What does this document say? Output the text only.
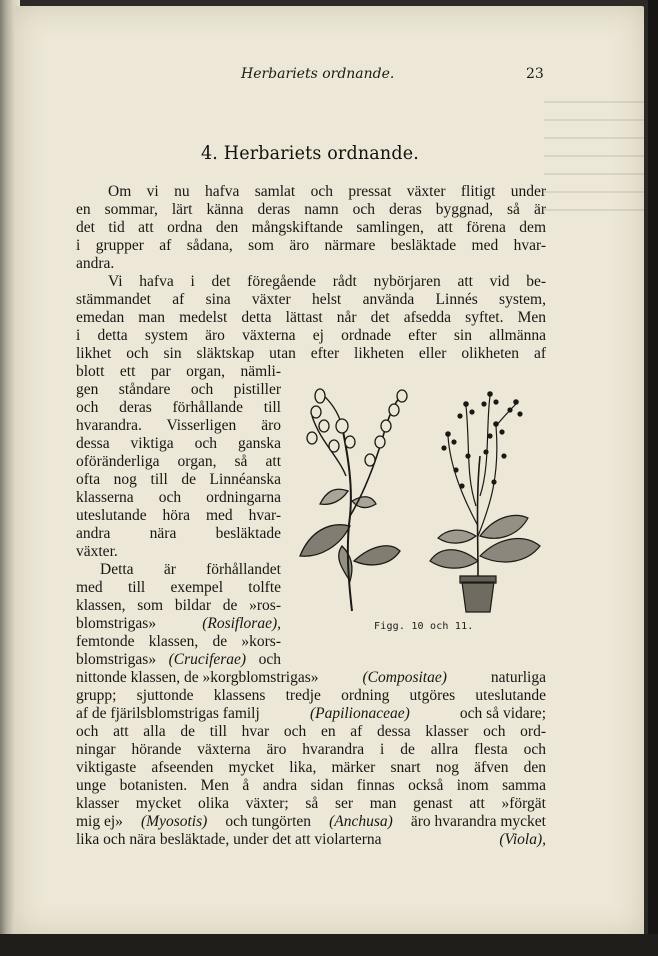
Herbariets ordnande.	23
4. Herbariets ordnande.
Om vi nu hafva samlat och pressat växter flitigt under
en sommar, lärt känna deras namn och deras byggnad, så är
det tid att ordna den mångskiftande samlingen, att förena dem
i grupper af sådana, som äro närmare besläktade med hvar-
andra.
Vi hafva i det föregående rådt nybörjaren att vid be-
stämmandet af sina växter helst använda Linnés system,
emedan man medelst detta lättast når det afsedda syftet. Men
i detta system äro växterna ej ordnade efter sin allmänna
likhet och sin släktskap utan efter likheten eller olikheten af
blott ett par organ, nämli-
gen ståndare och pistiller
och deras förhållande till
hvarandra. Visserligen äro
dessa viktiga och ganska
oföränderliga organ, så att
ofta nog till de Linnéanska
klasserna och ordningarna
uteslutande höra med hvar-
andra nära besläktade
växter.
Detta är förhållandet
med till exempel tolfte
klassen, som bildar de »ros-
blomstrigas»	(Rosiflorae),
femtonde klassen, de »kors-
blomstrigas» (Cruciferae) och
nittonde klassen, de »korgblomstrigas»	(Compositae)	naturliga
grupp; sjuttonde klassens tredje ordning utgöres uteslutande
af de fjärilsblomstrigas familj	(Papilionaceae)	och så vidare;
och att alla de till hvar och en af dessa klasser och ord-
ningar hörande växterna äro hvarandra i de allra flesta och
viktigaste afseenden mycket lika, märker snart nog äfven den
unge botanisten. Men å andra sidan finnas också inom samma
klasser mycket olika växter; så ser man genast att »förgät
mig ej» (Myosotis) och tungörten (Anchusa) äro hvarandra mycket
lika och nära besläktade, under det att violarterna	(Viola),
Figg. 10 och 11.
